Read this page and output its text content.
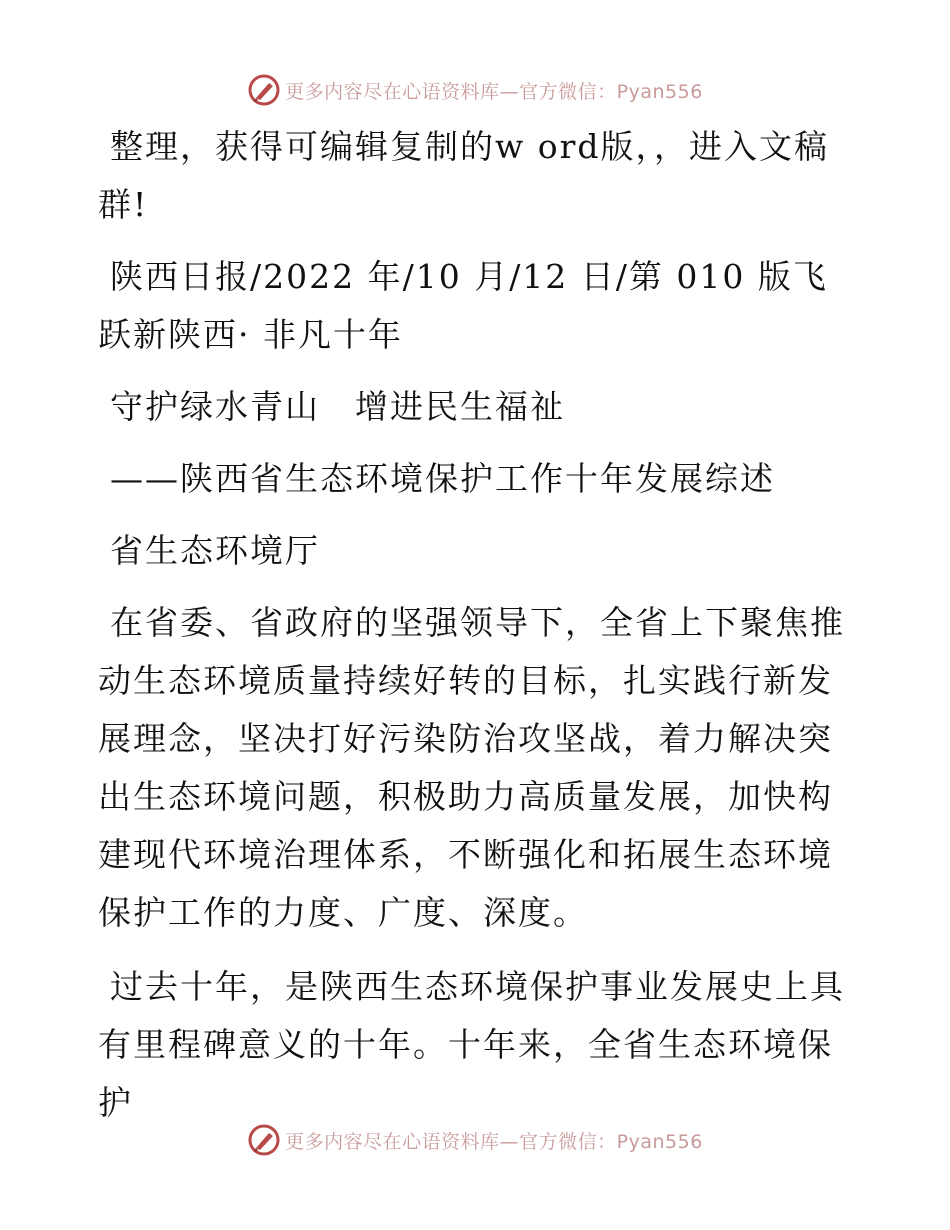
更多内容尽在心语资料库—官方微信：Pyan556

整理，获得可编辑复制的w ord版，，进入文稿群!

陕西日报/2022 年/10 月/12 日/第 010 版飞跃新陕西· 非凡十年

守护绿水青山　增进民生福祉

——陕西省生态环境保护工作十年发展综述

省生态环境厅

在省委、省政府的坚强领导下，全省上下聚焦推动生态环境质量持续好转的目标，扎实践行新发展理念，坚决打好污染防治攻坚战，着力解决突出生态环境问题，积极助力高质量发展，加快构建现代环境治理体系，不断强化和拓展生态环境保护工作的力度、广度、深度。

过去十年，是陕西生态环境保护事业发展史上具有里程碑意义的十年。十年来，全省生态环境保护

更多内容尽在心语资料库—官方微信：Pyan556
